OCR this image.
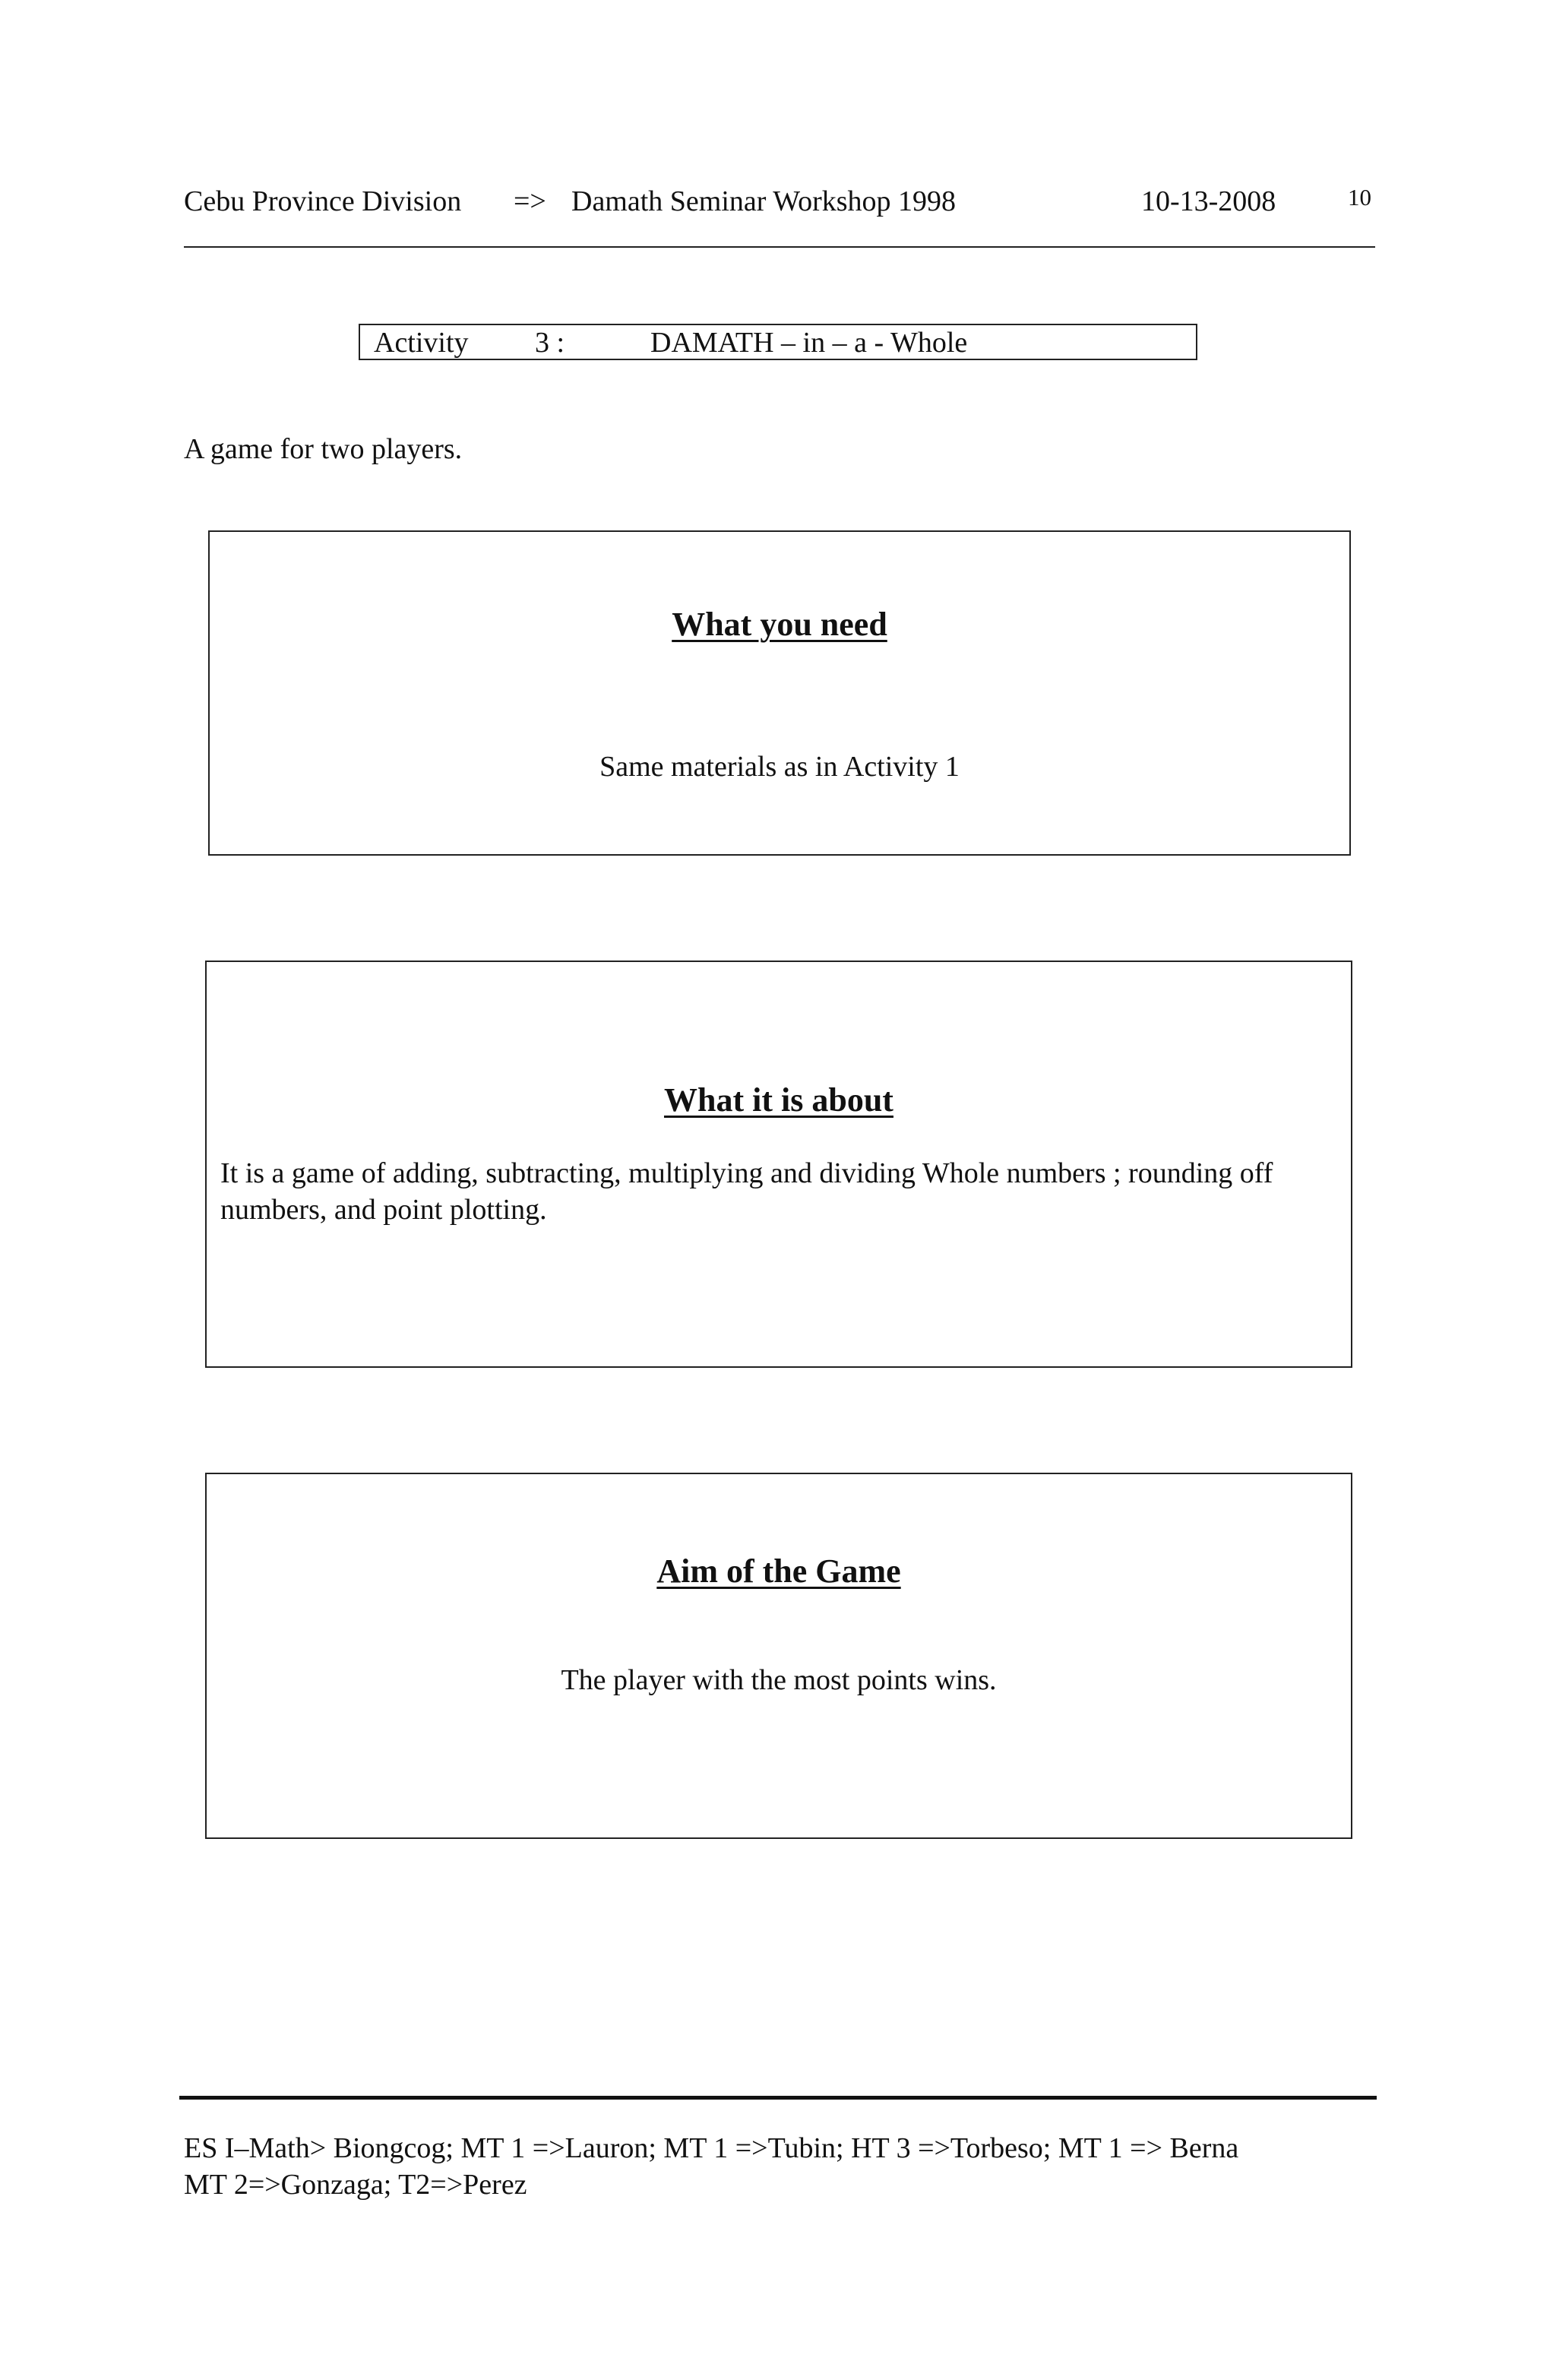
Cebu Province Division => Damath Seminar Workshop 1998	10-13-2008	10
Activity 3 :	DAMATH – in – a - Whole
A game for two players.
What you need
Same materials as in Activity 1
What it is about
It is a game of adding, subtracting, multiplying and dividing Whole numbers ; rounding off numbers, and point plotting.
Aim of the Game
The player with the most points wins.
ES I–Math> Biongcog; MT 1 =>Lauron; MT 1 =>Tubin; HT 3 =>Torbeso; MT 1 => Berna
MT 2=>Gonzaga; T2=>Perez
